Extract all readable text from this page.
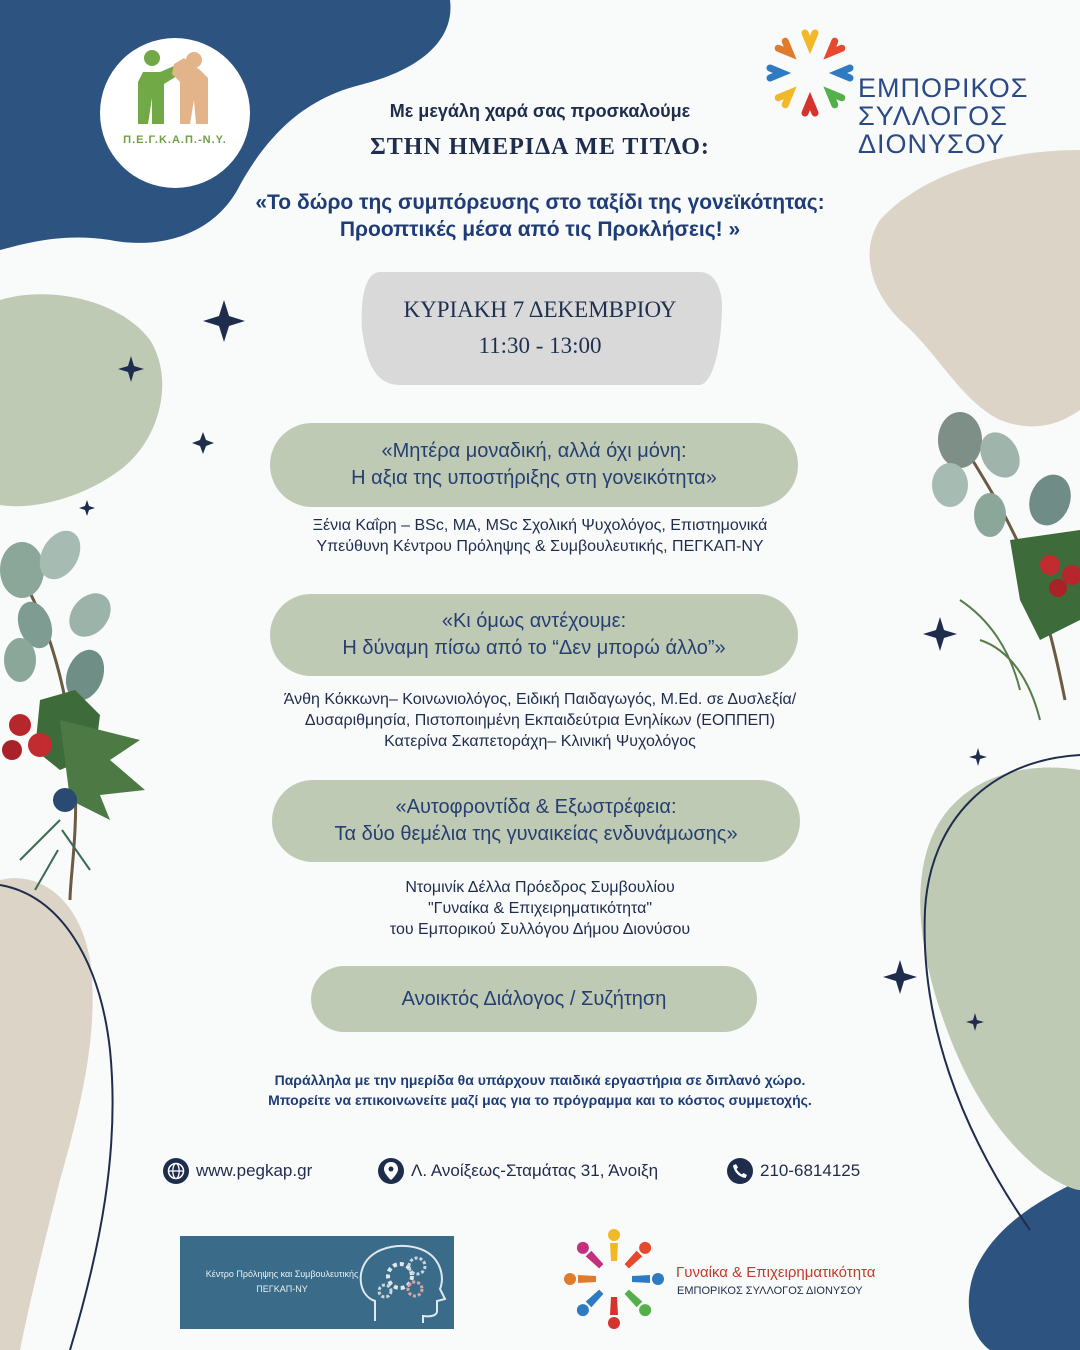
Π.Ε.Γ.Κ.Α.Π.-Ν.Υ.
ΕΜΠΟΡΙΚΟΣ
ΣΥΛΛΟΓΟΣ
ΔΙΟΝΥΣΟΥ
Με μεγάλη χαρά σας προσκαλούμε
ΣΤΗΝ ΗΜΕΡΙΔΑ ΜΕ ΤΙΤΛΟ:
«Το δώρο της συμπόρευσης στο ταξίδι της γονεϊκότητας:
Προοπτικές μέσα από τις Προκλήσεις! »
ΚΥΡΙΑΚΗ 7 ΔΕΚΕΜΒΡΙΟΥ
11:30 - 13:00
«Μητέρα μοναδική, αλλά όχι μόνη:
Η αξια της υποστήριξης στη γονεικότητα»
Ξένια Καΐρη – BSc, MA, MSc Σχολική Ψυχολόγος, Επιστημονικά
Υπεύθυνη Κέντρου Πρόληψης & Συμβουλευτικής, ΠΕΓΚΑΠ-ΝΥ
«Κι όμως αντέχουμε:
Η δύναμη πίσω από το “Δεν μπορώ άλλο”»
Άνθη Κόκκωνη– Κοινωνιολόγος, Ειδική Παιδαγωγός, M.Ed. σε Δυσλεξία/
Δυσαριθμησία, Πιστοποιημένη Εκπαιδεύτρια Ενηλίκων (ΕΟΠΠΕΠ)
Κατερίνα Σκαπετοράχη– Κλινική Ψυχολόγος
«Αυτοφροντίδα & Εξωστρέφεια:
Τα δύο θεμέλια της γυναικείας ενδυνάμωσης»
Ντομινίκ Δέλλα Πρόεδρος Συμβουλίου
"Γυναίκα & Επιχειρηματικότητα"
του Εμπορικού Συλλόγου Δήμου Διονύσου
Ανοικτός Διάλογος / Συζήτηση
Παράλληλα με την ημερίδα θα υπάρχουν παιδικά εργαστήρια σε διπλανό χώρο.
Μπορείτε να επικοινωνείτε μαζί μας για το πρόγραμμα και το κόστος συμμετοχής.
www.pegkap.gr	Λ. Ανοίξεως-Σταμάτας 31, Άνοιξη	210-6814125
Κέντρο Πρόληψης και Συμβουλευτικής
ΠΕΓΚΑΠ-ΝΥ
Γυναίκα & Επιχειρηματικότητα
ΕΜΠΟΡΙΚΟΣ ΣΥΛΛΟΓΟΣ ΔΙΟΝΥΣΟΥ
